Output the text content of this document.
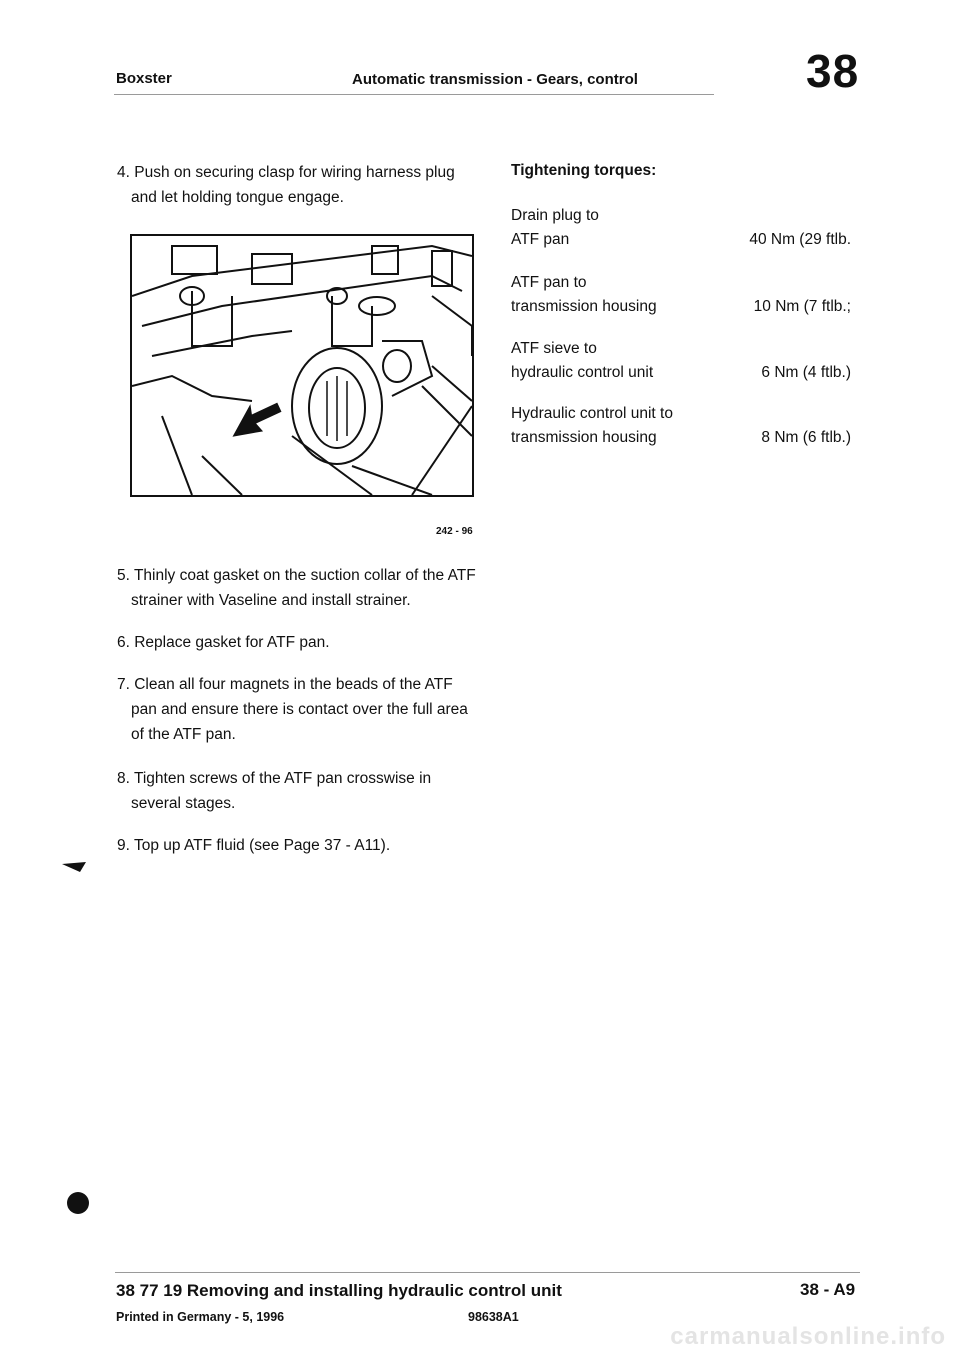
Boxster	Automatic transmission - Gears, control	38
4. Push on securing clasp for wiring harness plug and let holding tongue engage.
242 - 96
5. Thinly coat gasket on the suction collar of the ATF strainer with Vaseline and install strainer.
6. Replace gasket for ATF pan.
7. Clean all four magnets in the beads of the ATF pan and ensure there is contact over the full area of the ATF pan.
8. Tighten screws of the ATF pan crosswise in several stages.
9. Top up ATF fluid (see Page 37 - A11).
Tightening torques:
Drain plug to
ATF pan	40 Nm (29 ftlb.
ATF pan to
transmission housing	10 Nm (7 ftlb.;
ATF sieve to
hydraulic control unit	6 Nm (4 ftlb.)
Hydraulic control unit to
transmission housing	8 Nm (6 ftlb.)
38 77 19 Removing and installing hydraulic control unit	38 - A9
Printed in Germany - 5, 1996	98638A1
carmanualsonline.info
